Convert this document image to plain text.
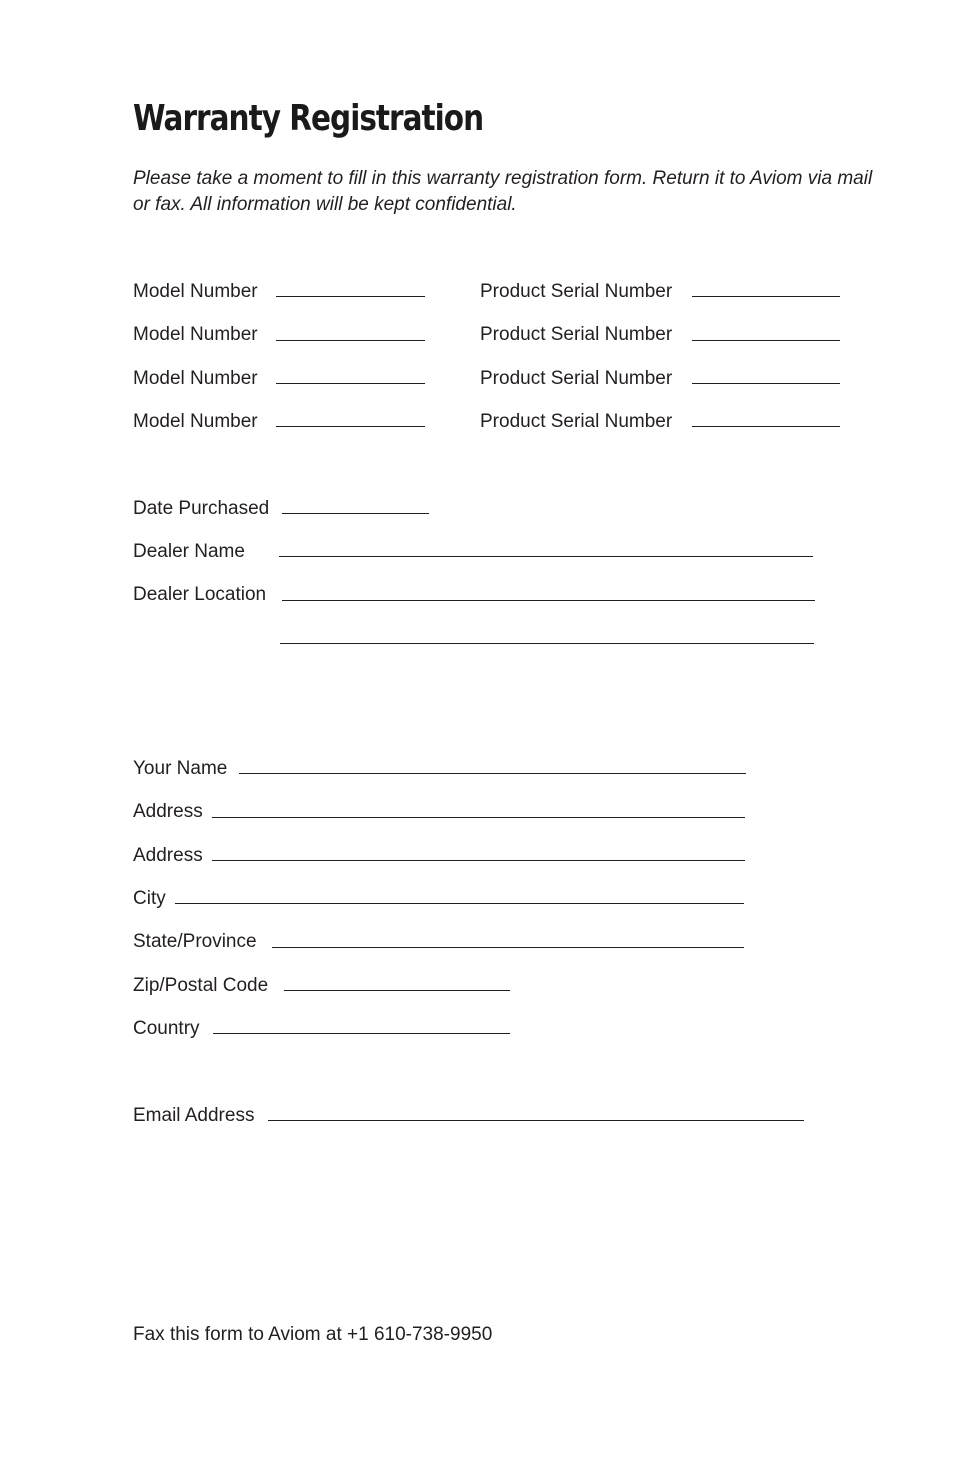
Warranty Registration

Please take a moment to fill in this warranty registration form. Return it to Aviom via mail or fax. All information will be kept confidential.

Model Number	Product Serial Number
Model Number	Product Serial Number
Model Number	Product Serial Number
Model Number	Product Serial Number
Date Purchased
Dealer Name
Dealer Location
Your Name
Address
Address
City
State/Province
Zip/Postal Code
Country
Email Address

Fax this form to Aviom at +1 610-738-9950
